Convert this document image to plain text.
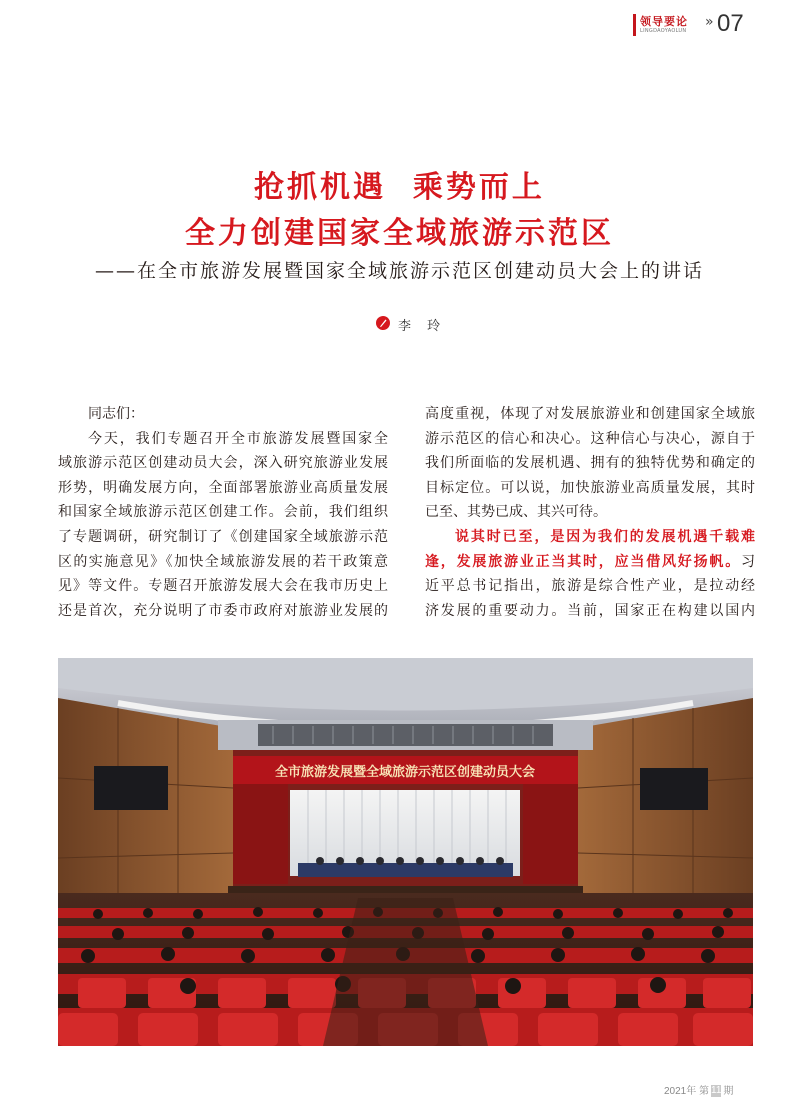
领导要论
LINGDAOYAOLUN
» 07
抢抓机遇  乘势而上
全力创建国家全域旅游示范区
——在全市旅游发展暨国家全域旅游示范区创建动员大会上的讲话
李 玲
同志们：
今天，我们专题召开全市旅游发展暨国家全
域旅游示范区创建动员大会，深入研究旅游业发展
形势，明确发展方向，全面部署旅游业高质量发展
和国家全域旅游示范区创建工作。会前，我们组织
了专题调研，研究制订了《创建国家全域旅游示范
区的实施意见》《加快全域旅游发展的若干政策意
见》等文件。专题召开旅游发展大会在我市历史上
还是首次，充分说明了市委市政府对旅游业发展的
高度重视，体现了对发展旅游业和创建国家全域旅
游示范区的信心和决心。这种信心与决心，源自于
我们所面临的发展机遇、拥有的独特优势和确定的
目标定位。可以说，加快旅游业高质量发展，其时
已至、其势已成、其兴可待。
说其时已至，是因为我们的发展机遇千载难
逢，发展旅游业正当其时，应当借风好扬帆。习
近平总书记指出，旅游是综合性产业，是拉动经
济发展的重要动力。当前，国家正在构建以国内
全市旅游发展暨全域旅游示范区创建动员大会
2021年 第 11 期
